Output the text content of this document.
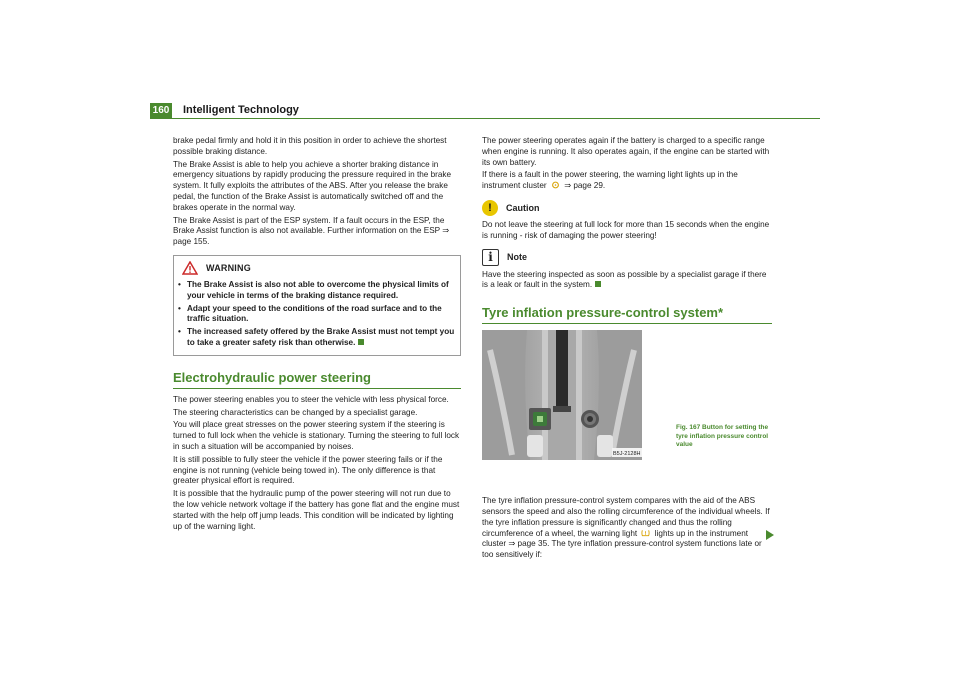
160 Intelligent Technology

brake pedal firmly and hold it in this position in order to achieve the shortest possible braking distance.

The Brake Assist is able to help you achieve a shorter braking distance in emergency situations by rapidly producing the pressure required in the brake system. It fully exploits the attributes of the ABS. After you release the brake pedal, the function of the Brake Assist is automatically switched off and the brakes operate in the normal way.

The Brake Assist is part of the ESP system. If a fault occurs in the ESP, the Brake Assist function is also not available. Further information on the ESP ⇒ page 155.

WARNING
• The Brake Assist is also not able to overcome the physical limits of your vehicle in terms of the braking distance required.
• Adapt your speed to the conditions of the road surface and to the traffic situation.
• The increased safety offered by the Brake Assist must not tempt you to take a greater safety risk than otherwise.
Electrohydraulic power steering

The power steering enables you to steer the vehicle with less physical force.

The steering characteristics can be changed by a specialist garage.

You will place great stresses on the power steering system if the steering is turned to full lock when the vehicle is stationary. Turning the steering to full lock in such a situation will be accompanied by noises.

It is still possible to fully steer the vehicle if the power steering fails or if the engine is not running (vehicle being towed in). The only difference is that greater physical effort is required.

It is possible that the hydraulic pump of the power steering will not run due to the low vehicle network voltage if the battery has gone flat and the engine must started with the help off jump leads. This condition will be indicated by lighting up of the warning light.

The power steering operates again if the battery is charged to a specific range when engine is running. It also operates again, if the engine can be started with its own battery.

If there is a fault in the power steering, the warning light lights up in the instrument cluster ⇒ page 29.

!	Caution

Do not leave the steering at full lock for more than 15 seconds when the engine is running - risk of damaging the power steering!

i	Note

Have the steering inspected as soon as possible by a specialist garage if there is a leak or fault in the system.

Tyre inflation pressure-control system*
B5J-2128H
Fig. 167 Button for setting the tyre inflation pressure control value

The tyre inflation pressure-control system compares with the aid of the ABS sensors the speed and also the rolling circumference of the individual wheels. If the tyre inflation pressure is significantly changed and thus the rolling circumference of a wheel, the warning light lights up in the instrument cluster ⇒ page 35. The tyre inflation pressure-control system functions late or too sensitively if:
